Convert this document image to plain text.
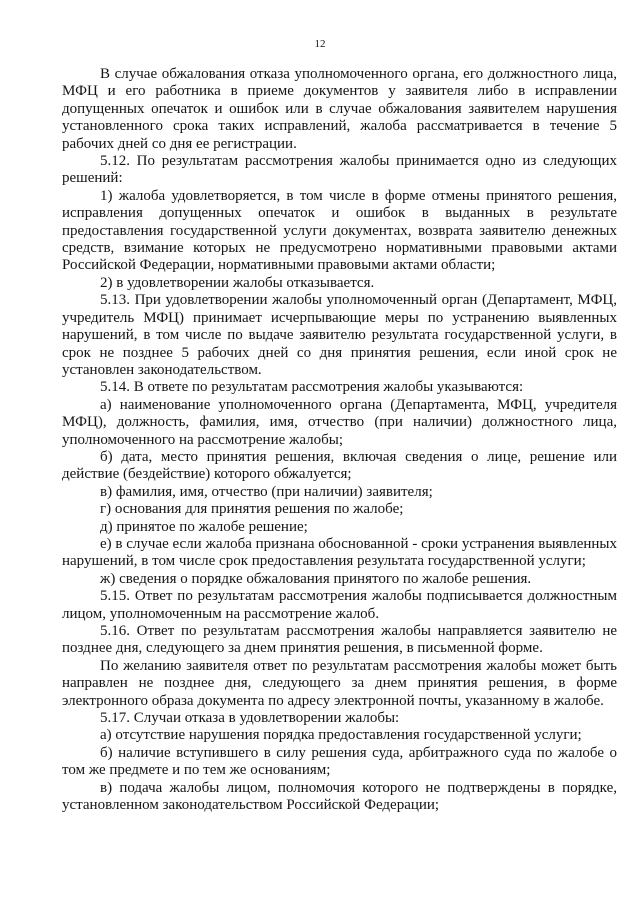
12

В случае обжалования отказа уполномоченного органа, его должностного лица, МФЦ и его работника в приеме документов у заявителя либо в исправлении допущенных опечаток и ошибок или в случае обжалования заявителем нарушения установленного срока таких исправлений, жалоба рассматривается в течение 5 рабочих дней со дня ее регистрации.

5.12. По результатам рассмотрения жалобы принимается одно из следующих решений:

1) жалоба удовлетворяется, в том числе в форме отмены принятого решения, исправления допущенных опечаток и ошибок в выданных в результате предоставления государственной услуги документах, возврата заявителю денежных средств, взимание которых не предусмотрено нормативными правовыми актами Российской Федерации, нормативными правовыми актами области;

2) в удовлетворении жалобы отказывается.

5.13. При удовлетворении жалобы уполномоченный орган (Департамент, МФЦ, учредитель МФЦ) принимает исчерпывающие меры по устранению выявленных нарушений, в том числе по выдаче заявителю результата государственной услуги, в срок не позднее 5 рабочих дней со дня принятия решения, если иной срок не установлен законодательством.

5.14. В ответе по результатам рассмотрения жалобы указываются:

а) наименование уполномоченного органа (Департамента, МФЦ, учредителя МФЦ), должность, фамилия, имя, отчество (при наличии) должностного лица, уполномоченного на рассмотрение жалобы;

б) дата, место принятия решения, включая сведения о лице, решение или действие (бездействие) которого обжалуется;

в) фамилия, имя, отчество (при наличии) заявителя;

г) основания для принятия решения по жалобе;

д) принятое по жалобе решение;

е) в случае если жалоба признана обоснованной - сроки устранения выявленных нарушений, в том числе срок предоставления результата государственной услуги;

ж) сведения о порядке обжалования принятого по жалобе решения.

5.15. Ответ по результатам рассмотрения жалобы подписывается должностным лицом, уполномоченным на рассмотрение жалоб.

5.16. Ответ по результатам рассмотрения жалобы направляется заявителю не позднее дня, следующего за днем принятия решения, в письменной форме.

По желанию заявителя ответ по результатам рассмотрения жалобы может быть направлен не позднее дня, следующего за днем принятия решения, в форме электронного образа документа по адресу электронной почты, указанному в жалобе.

5.17. Случаи отказа в удовлетворении жалобы:

а) отсутствие нарушения порядка предоставления государственной услуги;

б) наличие вступившего в силу решения суда, арбитражного суда по жалобе о том же предмете и по тем же основаниям;

в) подача жалобы лицом, полномочия которого не подтверждены в порядке, установленном законодательством Российской Федерации;
